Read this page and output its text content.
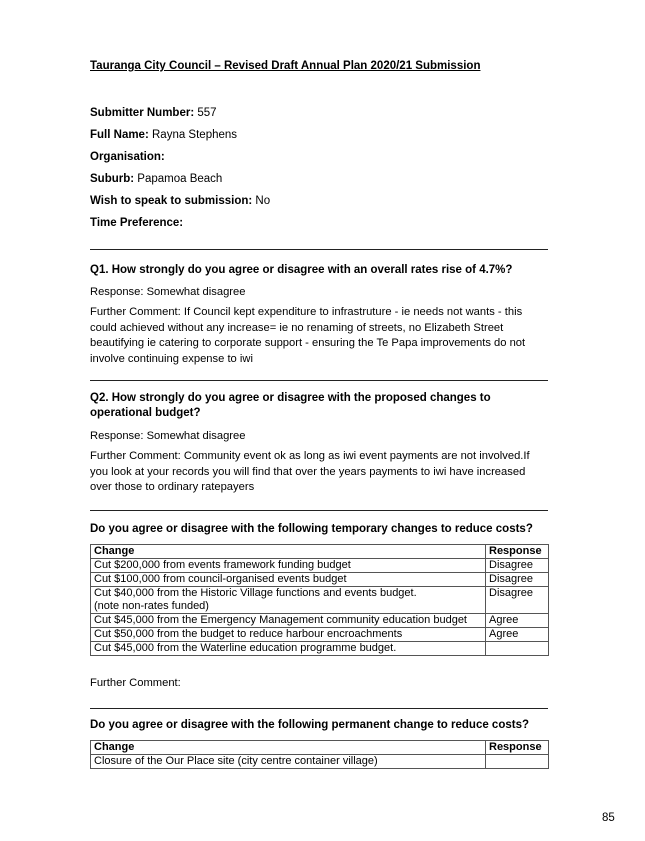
Tauranga City Council – Revised Draft Annual Plan 2020/21 Submission
Submitter Number: 557
Full Name: Rayna Stephens
Organisation:
Suburb: Papamoa Beach
Wish to speak to submission: No
Time Preference:
Q1. How strongly do you agree or disagree with an overall rates rise of 4.7%?
Response: Somewhat disagree
Further Comment: If Council kept expenditure to infrastruture - ie needs not wants - this could achieved without any increase= ie no renaming of streets, no Elizabeth Street beautifying ie catering to corporate support - ensuring the Te Papa improvements do not involve continuing expense to iwi
Q2. How strongly do you agree or disagree with the proposed changes to operational budget?
Response: Somewhat disagree
Further Comment: Community event ok as long as iwi event payments are not involved.If you look at your records you will find that over the years payments to iwi have increased over those to ordinary ratepayers
Do you agree or disagree with the following temporary changes to reduce costs?
Change	Response
Cut $200,000 from events framework funding budget	Disagree
Cut $100,000 from council-organised events budget	Disagree

Cut $40,000 from the Historic Village functions and events budget.
(note non-rates funded)	Disagree
Cut $45,000 from the Emergency Management community education budget	Agree
Cut $50,000 from the budget to reduce harbour encroachments	Agree
Cut $45,000 from the Waterline education programme budget.	
Further Comment:
Do you agree or disagree with the following permanent change to reduce costs?
Change	Response
Closure of the Our Place site (city centre container village)	
85
